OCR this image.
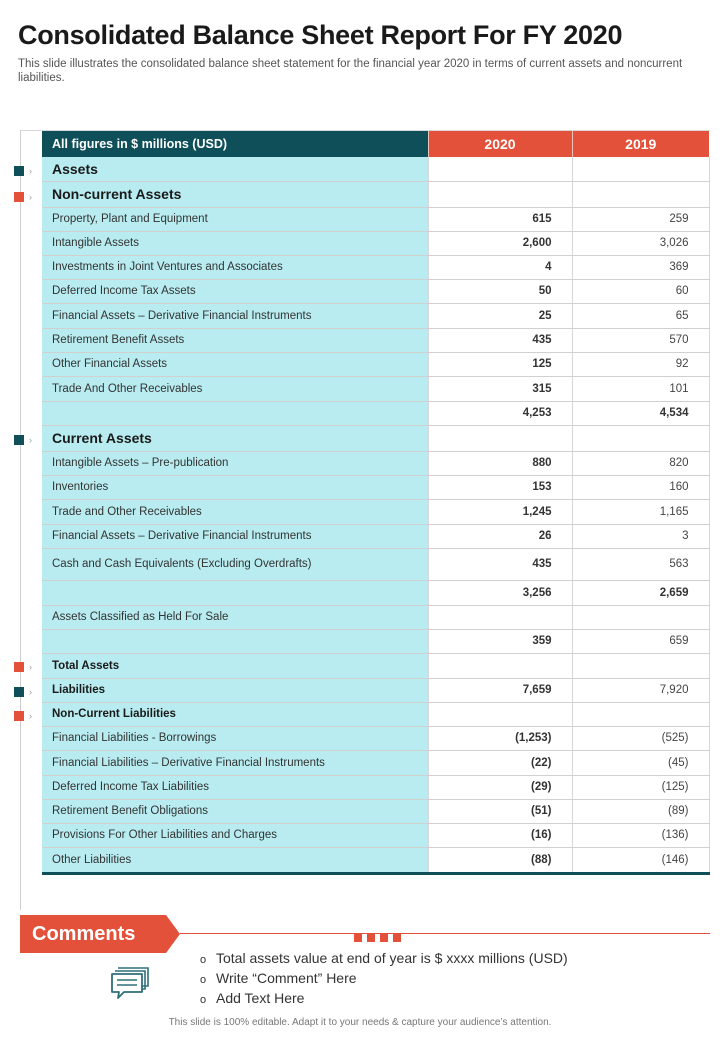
Consolidated Balance Sheet Report For FY 2020

This slide illustrates the consolidated balance sheet statement for the financial year 2020 in terms of current assets and noncurrent liabilities.

›
›
›
›
›
›
All figures in $ millions (USD)	2020	2019
Assets		
Non-current Assets		
Property, Plant and Equipment	615	259
Intangible Assets	2,600	3,026
Investments in Joint Ventures and Associates	4	369
Deferred Income Tax Assets	50	60
Financial Assets – Derivative Financial Instruments	25	65
Retirement Benefit Assets	435	570
Other Financial Assets	125	92
Trade And Other Receivables	315	101
	4,253	4,534
Current Assets		
Intangible Assets – Pre-publication	880	820
Inventories	153	160
Trade and Other Receivables	1,245	1,165
Financial Assets – Derivative Financial Instruments	26	3
Cash and Cash Equivalents (Excluding Overdrafts)	435	563
	3,256	2,659
Assets Classified as Held For Sale		
	359	659
Total Assets		
Liabilities	7,659	7,920
Non-Current Liabilities		
Financial Liabilities - Borrowings	(1,253)	(525)
Financial Liabilities – Derivative Financial Instruments	(22)	(45)
Deferred Income Tax Liabilities	(29)	(125)
Retirement Benefit Obligations	(51)	(89)
Provisions For Other Liabilities and Charges	(16)	(136)
Other Liabilities	(88)	(146)
Comments
o Total assets value at end of year is $ xxxx millions (USD)
o Write “Comment” Here
o Add Text Here
This slide is 100% editable. Adapt it to your needs & capture your audience’s attention.
